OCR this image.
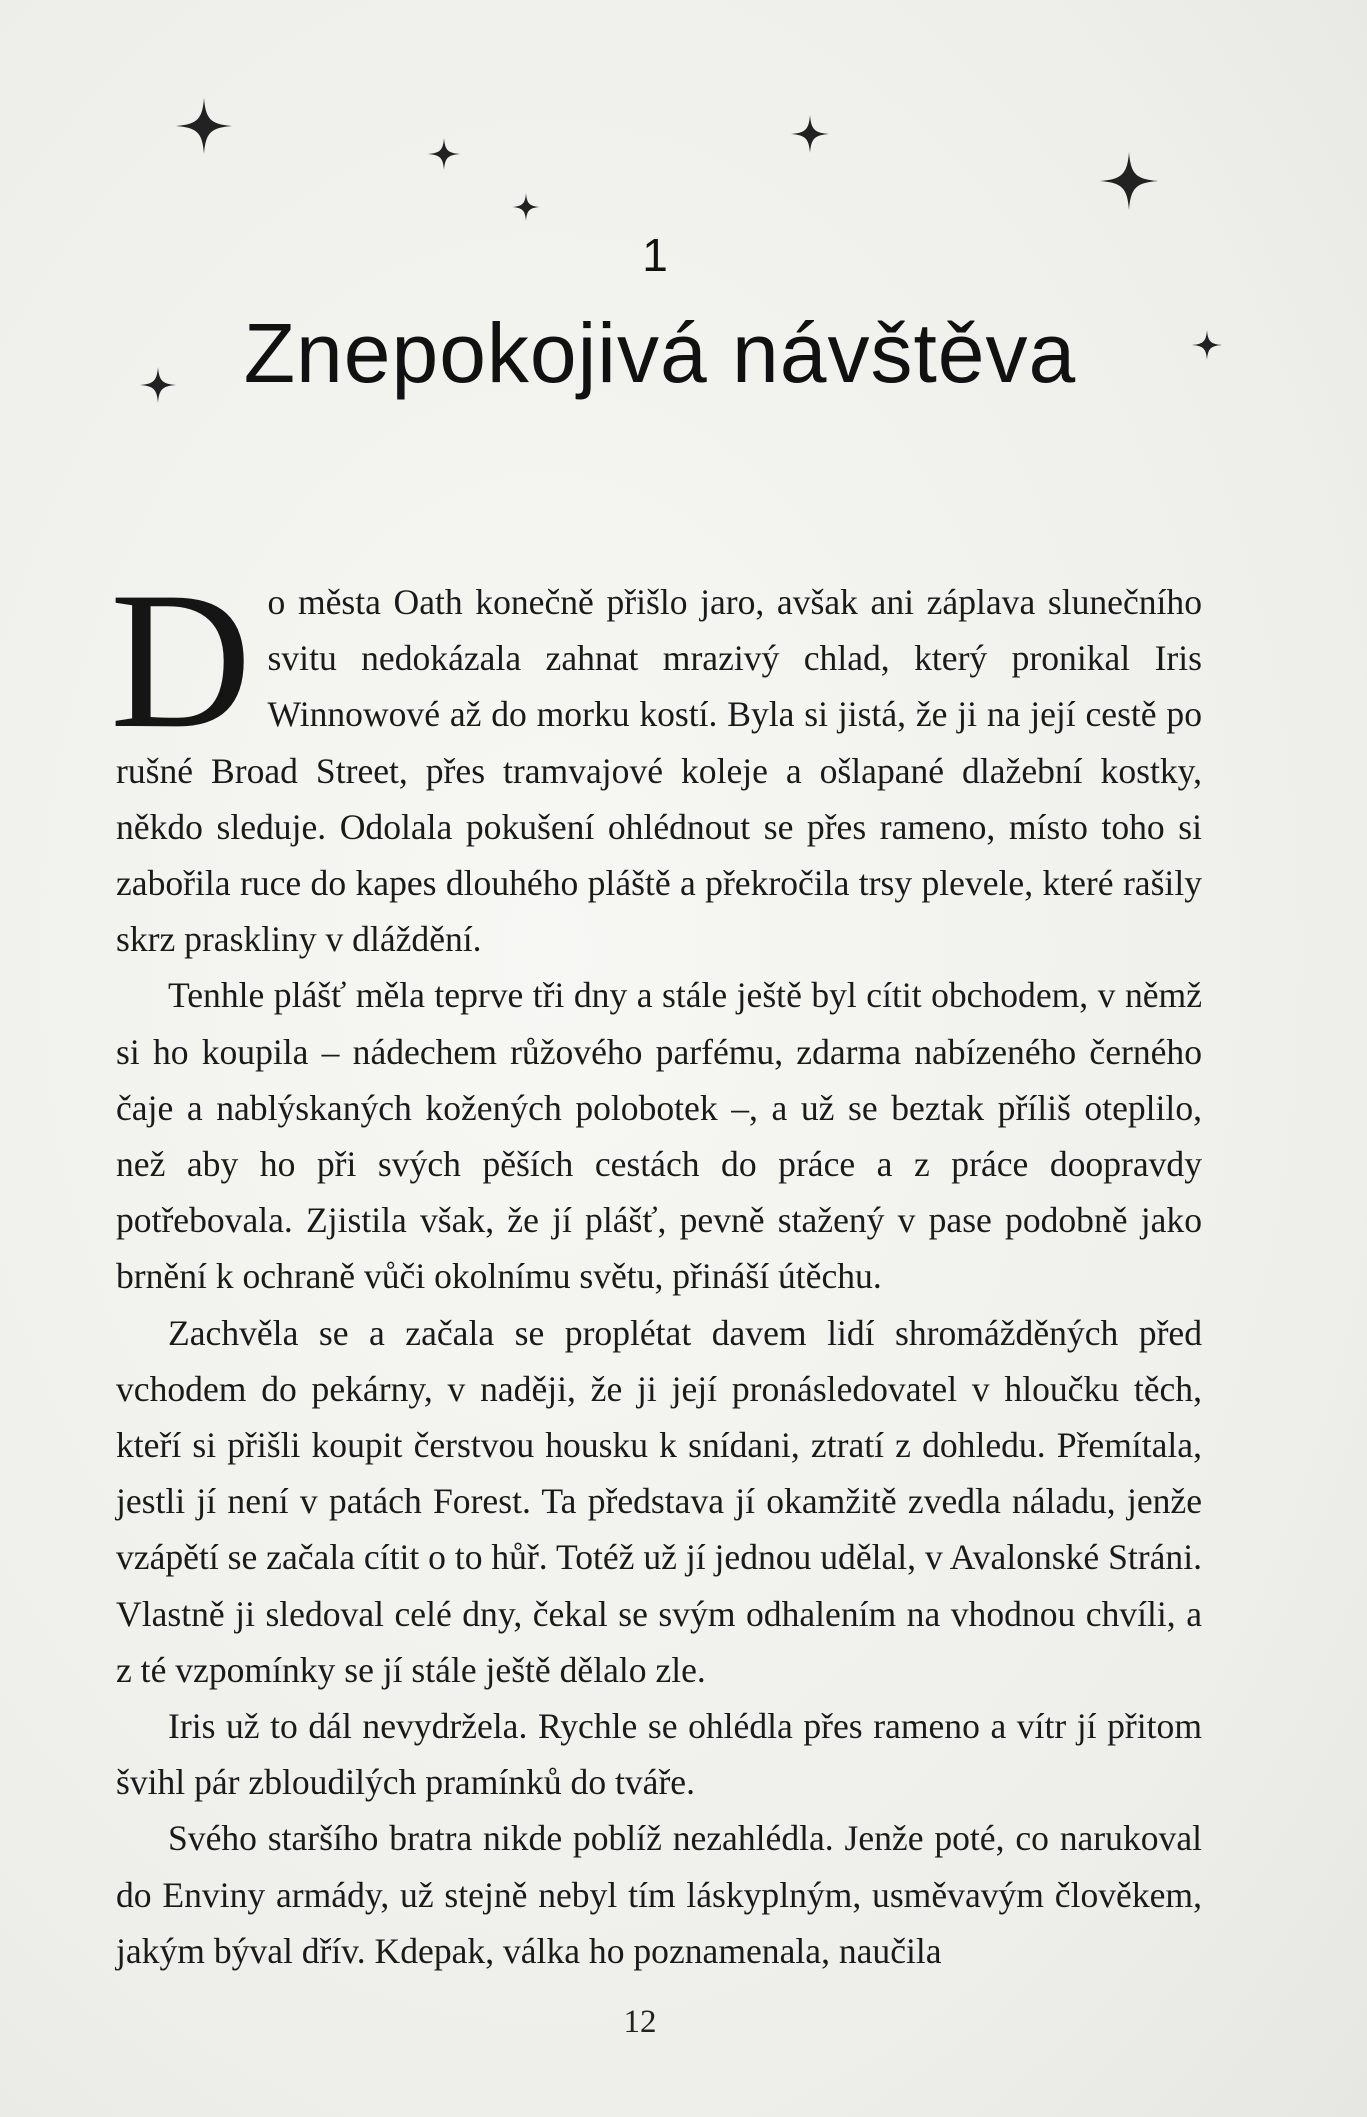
1
Znepokojivá návštěva

Do města Oath konečně přišlo jaro, avšak ani záplava slunečního svitu nedokázala zahnat mrazivý chlad, který pronikal Iris Winnowové až do morku kostí. Byla si jistá, že ji na její cestě po rušné Broad Street, přes tramvajové koleje a ošlapané dlažební kostky, někdo sleduje. Odolala pokušení ohlédnout se přes rameno, místo toho si zabořila ruce do kapes dlouhého pláště a překročila trsy plevele, které rašily skrz praskliny v dláždění.

Tenhle plášť měla teprve tři dny a stále ještě byl cítit obchodem, v němž si ho koupila – nádechem růžového parfému, zdarma nabízeného černého čaje a nablýskaných kožených polobotek –, a už se beztak příliš oteplilo, než aby ho při svých pěších cestách do práce a z práce doopravdy potřebovala. Zjistila však, že jí plášť, pevně stažený v pase podobně jako brnění k ochraně vůči okolnímu světu, přináší útěchu.

Zachvěla se a začala se proplétat davem lidí shromážděných před vchodem do pekárny, v naději, že ji její pronásledovatel v hloučku těch, kteří si přišli koupit čerstvou housku k snídani, ztratí z dohledu. Přemítala, jestli jí není v patách Forest. Ta představa jí okamžitě zvedla náladu, jenže vzápětí se začala cítit o to hůř. Totéž už jí jednou udělal, v Avalonské Stráni. Vlastně ji sledoval celé dny, čekal se svým odhalením na vhodnou chvíli, a z té vzpomínky se jí stále ještě dělalo zle.

Iris už to dál nevydržela. Rychle se ohlédla přes rameno a vítr jí přitom švihl pár zbloudilých pramínků do tváře.

Svého staršího bratra nikde poblíž nezahlédla. Jenže poté, co narukoval do Enviny armády, už stejně nebyl tím láskyplným, usměvavým člověkem, jakým býval dřív. Kdepak, válka ho poznamenala, naučila

12
